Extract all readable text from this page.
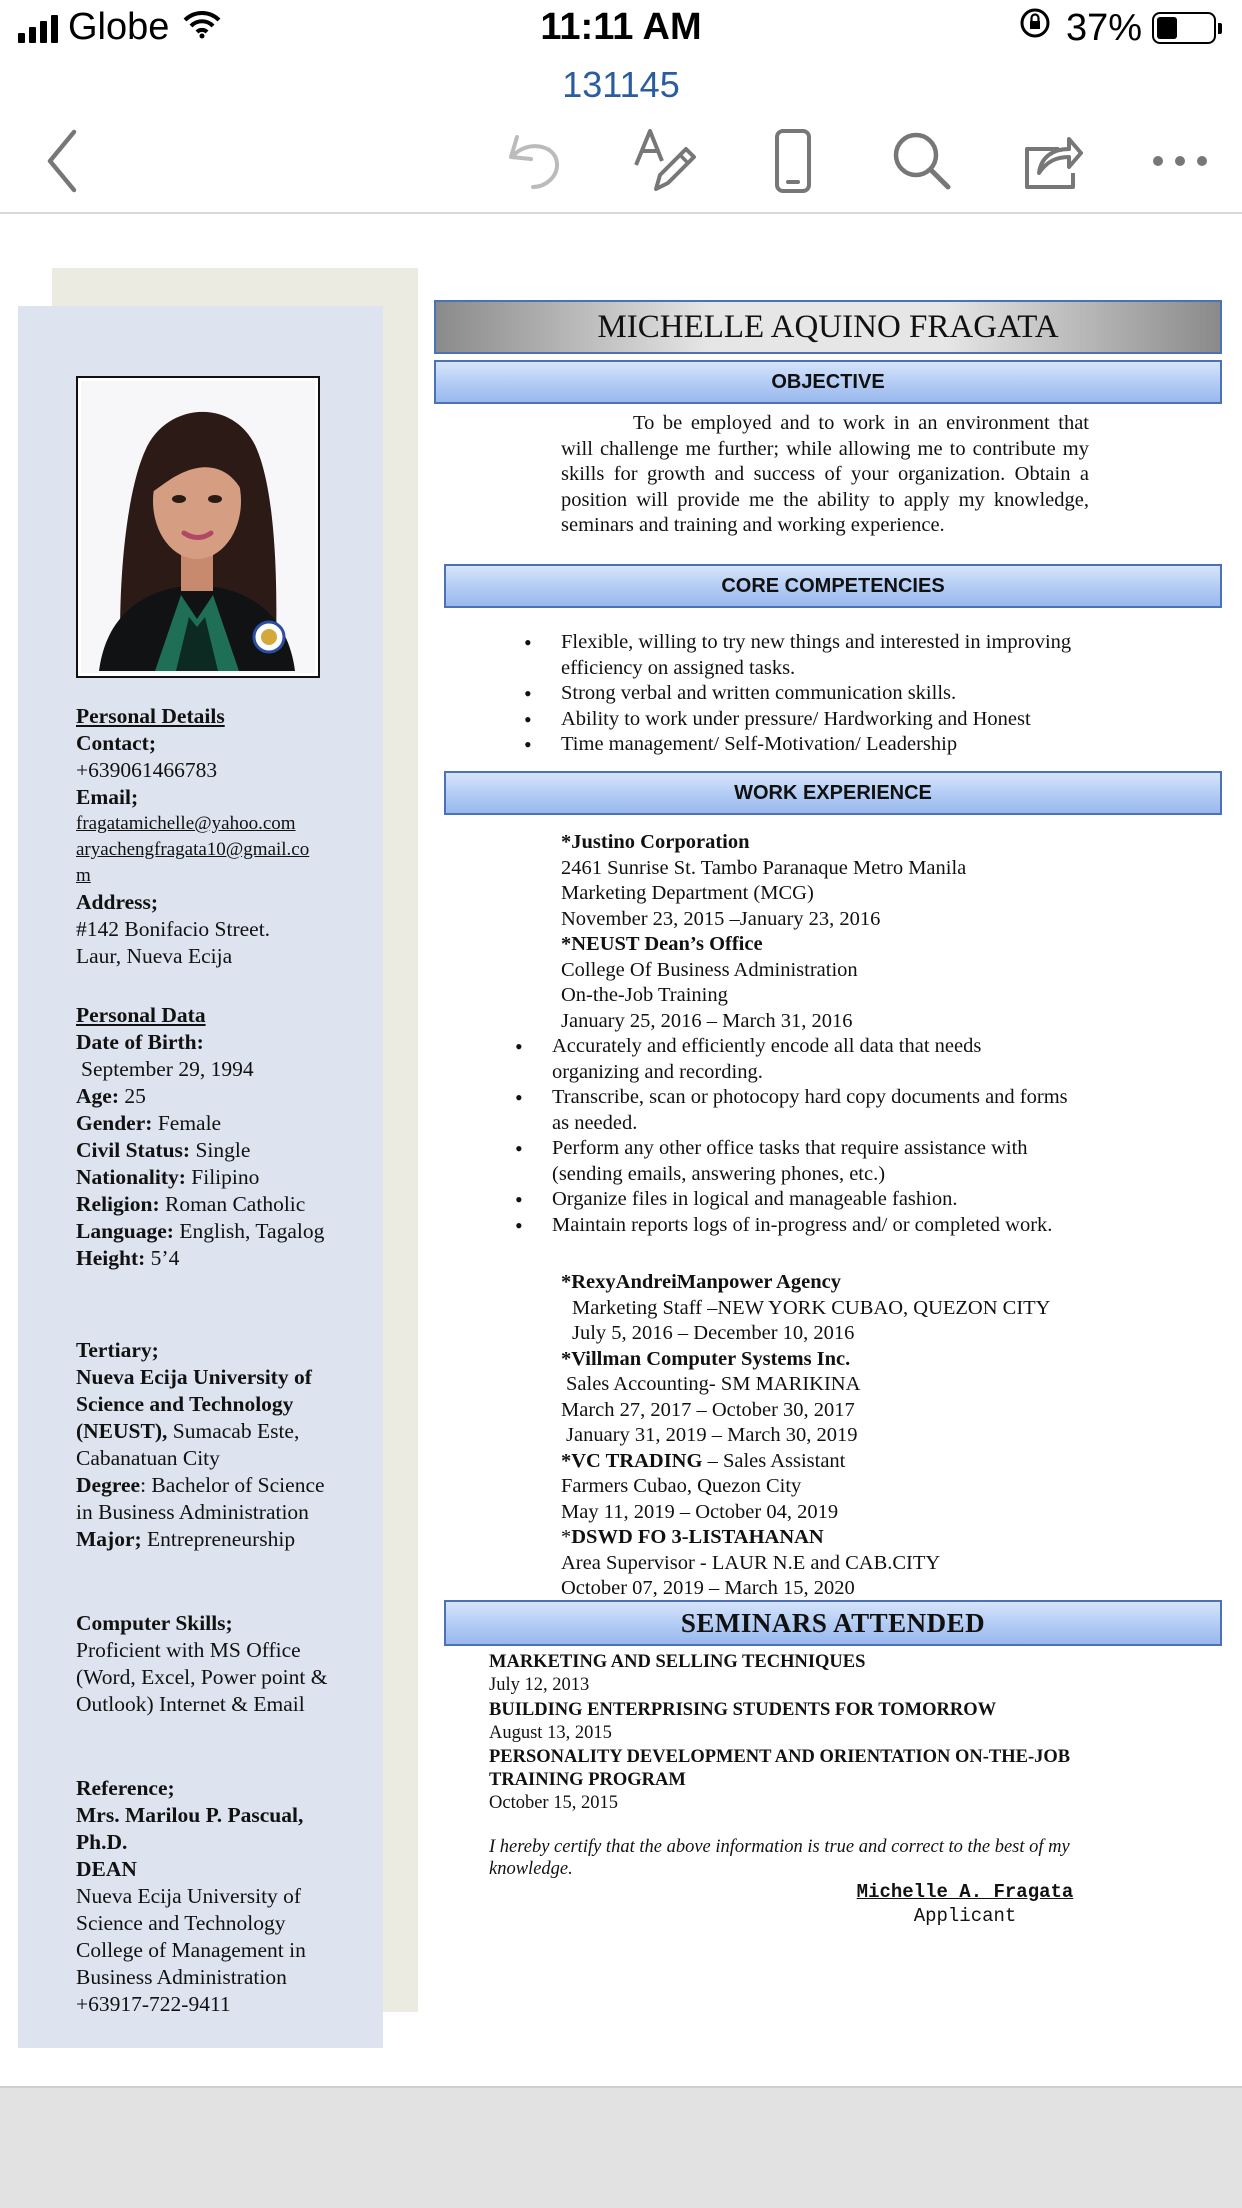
Globe	11:11 AM	37%
131145
Personal Details
Contact;
+639061466783
Email;
fragatamichelle@yahoo.com
aryachengfragata10@gmail.co
m
Address;
#142 Bonifacio Street.
Laur, Nueva Ecija
Personal Data
Date of Birth:
September 29, 1994
Age: 25
Gender: Female
Civil Status: Single
Nationality: Filipino
Religion: Roman Catholic
Language: English, Tagalog
Height: 5’4
Tertiary;
Nueva Ecija University of Science and Technology (NEUST), Sumacab Este, Cabanatuan City
Degree: Bachelor of Science in Business Administration
Major; Entrepreneurship
Computer Skills;
Proficient with MS Office (Word, Excel, Power point & Outlook) Internet & Email
Reference;
Mrs. Marilou P. Pascual, Ph.D.
DEAN
Nueva Ecija University of Science and Technology College of Management in Business Administration
+63917-722-9411
MICHELLE AQUINO FRAGATA
OBJECTIVE
To be employed and to work in an environment that will challenge me further; while allowing me to contribute my skills for growth and success of your organization. Obtain a position will provide me the ability to apply my knowledge, seminars and training and working experience.
CORE COMPETENCIES
• Flexible, willing to try new things and interested in improving efficiency on assigned tasks.
• Strong verbal and written communication skills.
• Ability to work under pressure/ Hardworking and Honest
• Time management/ Self-Motivation/ Leadership
WORK EXPERIENCE
*Justino Corporation
2461 Sunrise St. Tambo Paranaque Metro Manila
Marketing Department (MCG)
November 23, 2015 –January 23, 2016
*NEUST Dean’s Office
College Of Business Administration
On-the-Job Training
January 25, 2016 – March 31, 2016
• Accurately and efficiently encode all data that needs organizing and recording.
• Transcribe, scan or photocopy hard copy documents and forms as needed.
• Perform any other office tasks that require assistance with (sending emails, answering phones, etc.)
• Organize files in logical and manageable fashion.
• Maintain reports logs of in-progress and/ or completed work.
*RexyAndreiManpower Agency
Marketing Staff –NEW YORK CUBAO, QUEZON CITY
July 5, 2016 – December 10, 2016
*Villman Computer Systems Inc.
Sales Accounting- SM MARIKINA
March 27, 2017 – October 30, 2017
January 31, 2019 – March 30, 2019
*VC TRADING – Sales Assistant
Farmers Cubao, Quezon City
May 11, 2019 – October 04, 2019
*DSWD FO 3-LISTAHANAN
Area Supervisor - LAUR N.E and CAB.CITY
October 07, 2019 – March 15, 2020
SEMINARS ATTENDED
MARKETING AND SELLING TECHNIQUES
July 12, 2013
BUILDING ENTERPRISING STUDENTS FOR TOMORROW
August 13, 2015
PERSONALITY DEVELOPMENT AND ORIENTATION ON-THE-JOB TRAINING PROGRAM
October 15, 2015
I hereby certify that the above information is true and correct to the best of my knowledge.
Michelle A. Fragata
Applicant
